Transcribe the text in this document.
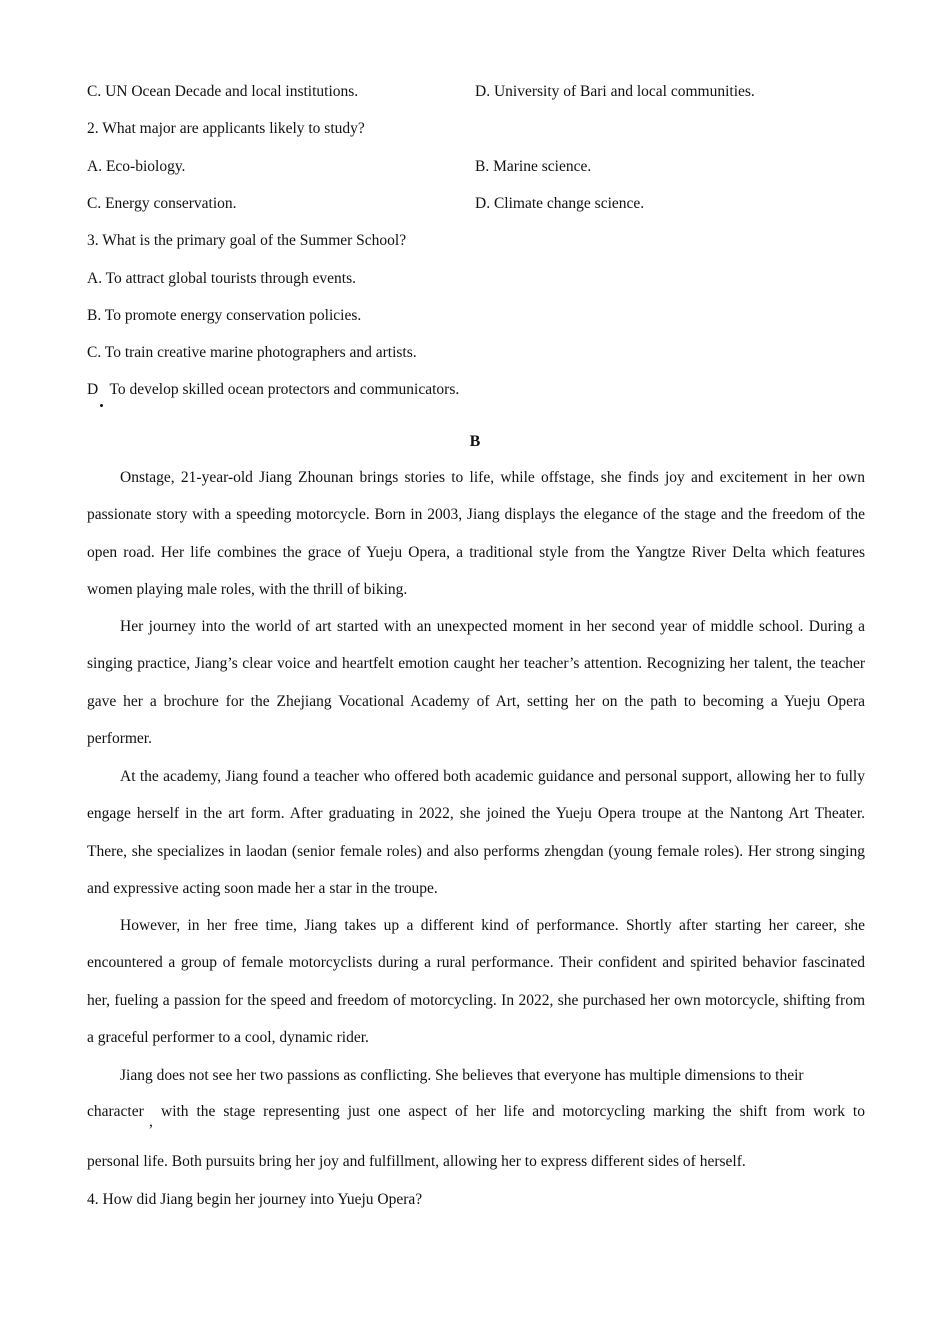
C. UN Ocean Decade and local institutions.	D. University of Bari and local communities.
2. What major are applicants likely to study?
A. Eco-biology.	B. Marine science.
C. Energy conservation.	D. Climate change science.
3. What is the primary goal of the Summer School?
A. To attract global tourists through events.
B. To promote energy conservation policies.
C. To train creative marine photographers and artists.
D   To develop skilled ocean protectors and communicators.
B

Onstage, 21-year-old Jiang Zhounan brings stories to life, while offstage, she finds joy and excitement in her own passionate story with a speeding motorcycle. Born in 2003, Jiang displays the elegance of the stage and the freedom of the open road. Her life combines the grace of Yueju Opera, a traditional style from the Yangtze River Delta which features women playing male roles, with the thrill of biking.

Her journey into the world of art started with an unexpected moment in her second year of middle school. During a singing practice, Jiang’s clear voice and heartfelt emotion caught her teacher’s attention. Recognizing her talent, the teacher gave her a brochure for the Zhejiang Vocational Academy of Art, setting her on the path to becoming a Yueju Opera performer.

At the academy, Jiang found a teacher who offered both academic guidance and personal support, allowing her to fully engage herself in the art form. After graduating in 2022, she joined the Yueju Opera troupe at the Nantong Art Theater. There, she specializes in laodan (senior female roles) and also performs zhengdan (young female roles). Her strong singing and expressive acting soon made her a star in the troupe.

However, in her free time, Jiang takes up a different kind of performance. Shortly after starting her career, she encountered a group of female motorcyclists during a rural performance. Their confident and spirited behavior fascinated her, fueling a passion for the speed and freedom of motorcycling. In 2022, she purchased her own motorcycle, shifting from a graceful performer to a cool, dynamic rider.

Jiang does not see her two passions as conflicting. She believes that everyone has multiple dimensions to their
character
,
with the stage representing just one aspect of her life and motorcycling marking the shift from work to
personal life. Both pursuits bring her joy and fulfillment, allowing her to express different sides of herself.
4. How did Jiang begin her journey into Yueju Opera?
